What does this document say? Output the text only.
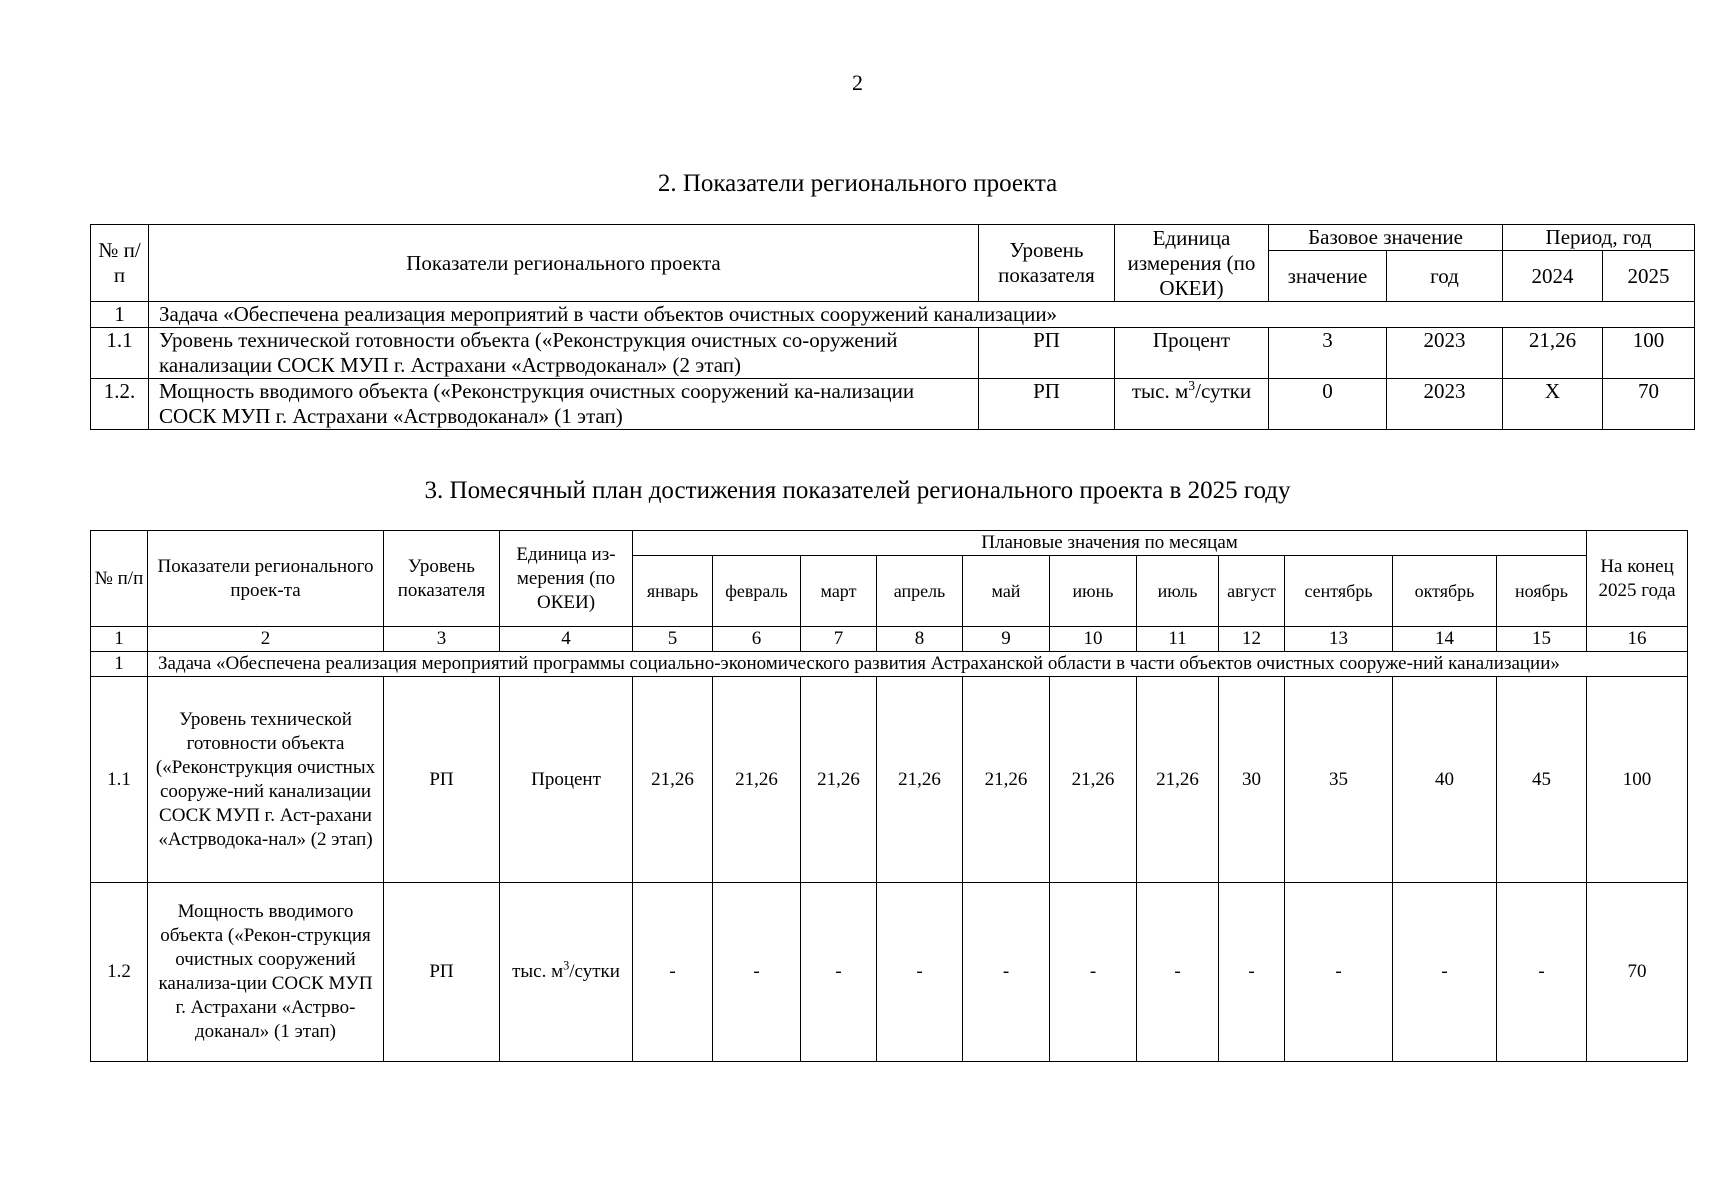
2
2. Показатели регионального проекта
№ п/п	Показатели регионального проекта	Уровень показателя	Единица измерения (по ОКЕИ)	Базовое значение		Период, год	
				значение	год	2024	2025
1	Задача «Обеспечена реализация мероприятий в части объектов очистных сооружений канализации»						
1.1	Уровень технической готовности объекта («Реконструкция очистных со-оружений канализации СОСК МУП г. Астрахани «Астрводоканал» (2 этап)	РП	Процент	3	2023	21,26	100
1.2.	Мощность вводимого объекта («Реконструкция очистных сооружений ка-нализации СОСК МУП г. Астрахани «Астрводоканал» (1 этап)	РП	тыс. $м^3$/сутки	0	2023	Х	70
3. Помесячный план достижения показателей регионального проекта в 2025 году
№ п/п	Показатели регионального проек-та	Уровень показателя	Единица из-мерения (по ОКЕИ)	Плановые значения по месяцам											На конец 2025 года
				январь	февраль	март	апрель	май	июнь	июль	август	сентябрь	октябрь	ноябрь	
1	2	3	4	5	6	7	8	9	10	11	12	13	14	15	16
1	Задача «Обеспечена реализация мероприятий программы социально-экономического развития Астраханской области в части объектов очистных сооруже-ний канализации»														
1.1	Уровень технической готовности объекта («Реконструкция очистных сооруже-ний канализации СОСК МУП г. Аст-рахани «Астрводока-нал» (2 этап)	РП	Процент	21,26	21,26	21,26	21,26	21,26	21,26	21,26	30	35	40	45	100
1.2	Мощность вводимого объекта («Рекон-струкция очистных сооружений канализа-ции СОСК МУП г. Астрахани «Астрво-доканал» (1 этап)	РП	тыс. $м^3$/сутки	-	-	-	-	-	-	-	-	-	-	-	70
